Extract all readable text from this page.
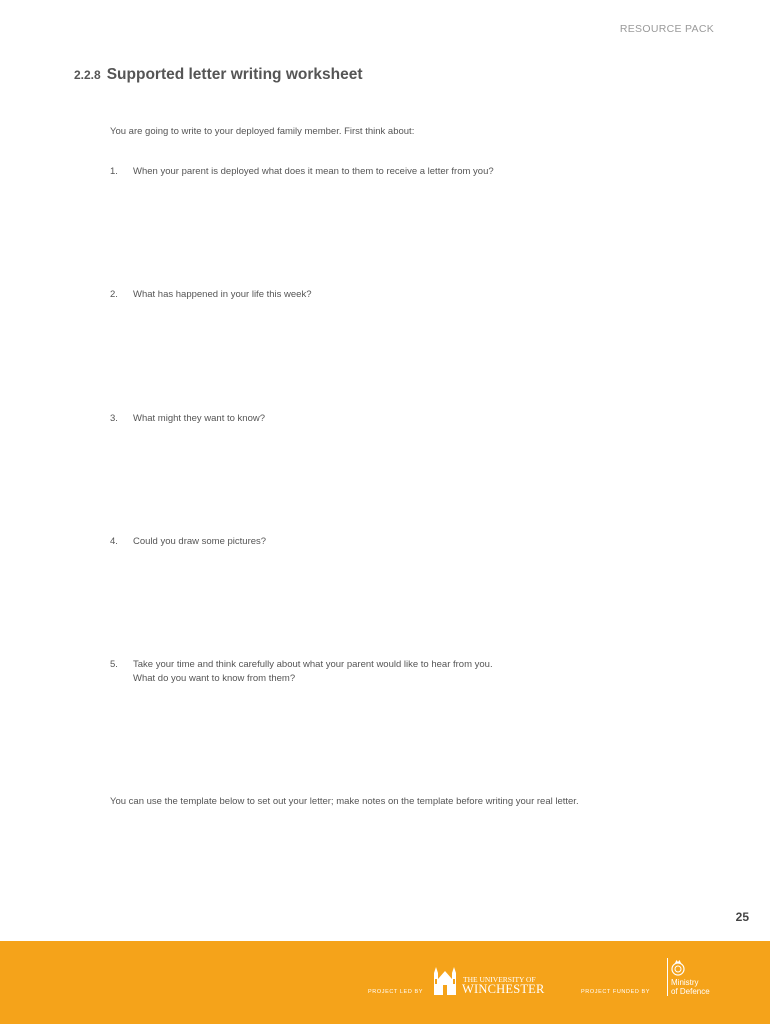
RESOURCE PACK
2.2.8 Supported letter writing worksheet
You are going to write to your deployed family member. First think about:
1.	When your parent is deployed what does it mean to them to receive a letter from you?
2.	What has happened in your life this week?
3.	What might they want to know?
4.	Could you draw some pictures?
5.	Take your time and think carefully about what your parent would like to hear from you.
What do you want to know from them?
You can use the template below to set out your letter; make notes on the template before writing your real letter.
25
PROJECT LED BY
THE UNIVERSITY OF
WINCHESTER	PROJECT FUNDED BY
Ministry
of Defence
